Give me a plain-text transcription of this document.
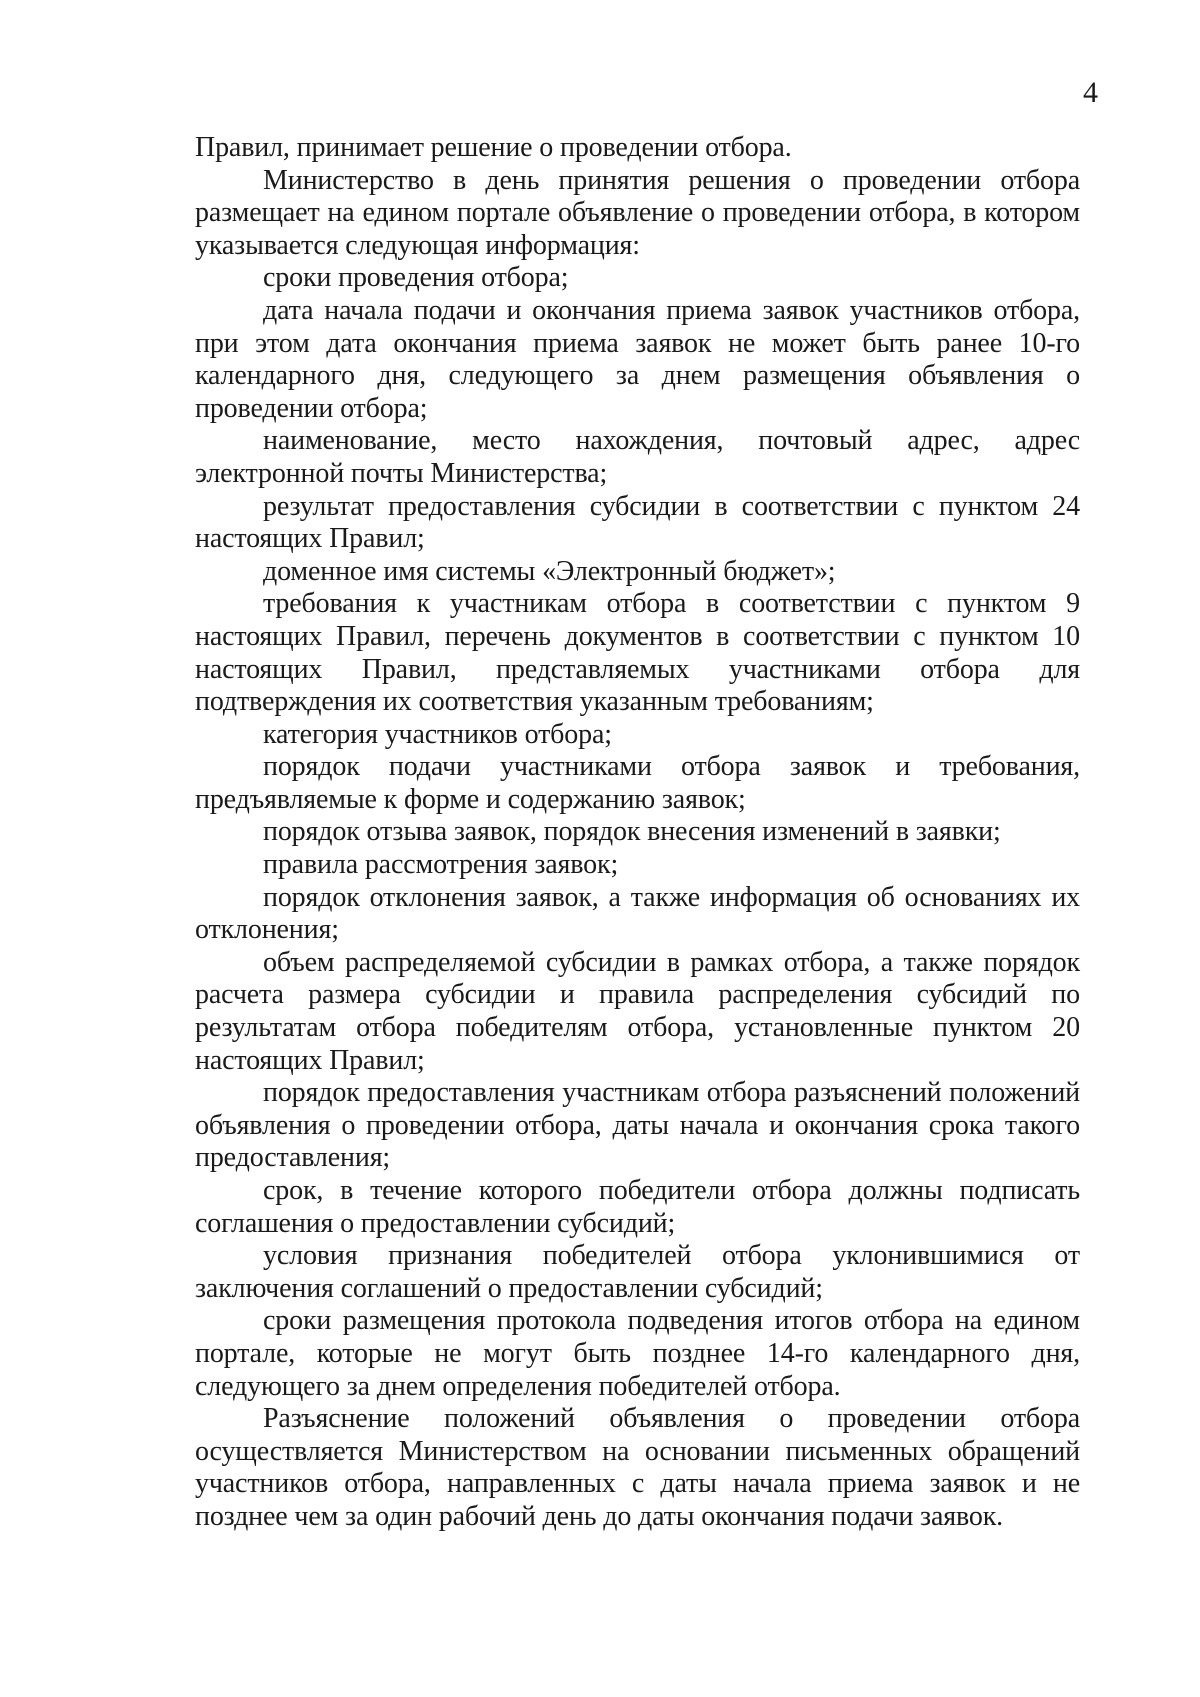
4

Правил, принимает решение о проведении отбора.

Министерство в день принятия решения о проведении отбора размещает на едином портале объявление о проведении отбора, в котором указывается следующая информация:

сроки проведения отбора;

дата начала подачи и окончания приема заявок участников отбора, при этом дата окончания приема заявок не может быть ранее 10-го календарного дня, следующего за днем размещения объявления о проведении отбора;

наименование, место нахождения, почтовый адрес, адрес электронной почты Министерства;

результат предоставления субсидии в соответствии с пунктом 24 настоящих Правил;

доменное имя системы «Электронный бюджет»;

требования к участникам отбора в соответствии с пунктом 9 настоящих Правил, перечень документов в соответствии с пунктом 10 настоящих Правил, представляемых участниками отбора для подтверждения их соответствия указанным требованиям;

категория участников отбора;

порядок подачи участниками отбора заявок и требования, предъявляемые к форме и содержанию заявок;

порядок отзыва заявок, порядок внесения изменений в заявки;

правила рассмотрения заявок;

порядок отклонения заявок, а также информация об основаниях их отклонения;

объем распределяемой субсидии в рамках отбора, а также порядок расчета размера субсидии и правила распределения субсидий по результатам отбора победителям отбора, установленные пунктом 20 настоящих Правил;

порядок предоставления участникам отбора разъяснений положений объявления о проведении отбора, даты начала и окончания срока такого предоставления;

срок, в течение которого победители отбора должны подписать соглашения о предоставлении субсидий;

условия признания победителей отбора уклонившимися от заключения соглашений о предоставлении субсидий;

сроки размещения протокола подведения итогов отбора на едином портале, которые не могут быть позднее 14-го календарного дня, следующего за днем определения победителей отбора.

Разъяснение положений объявления о проведении отбора осуществляется Министерством на основании письменных обращений участников отбора, направленных с даты начала приема заявок и не позднее чем за один рабочий день до даты окончания подачи заявок.
